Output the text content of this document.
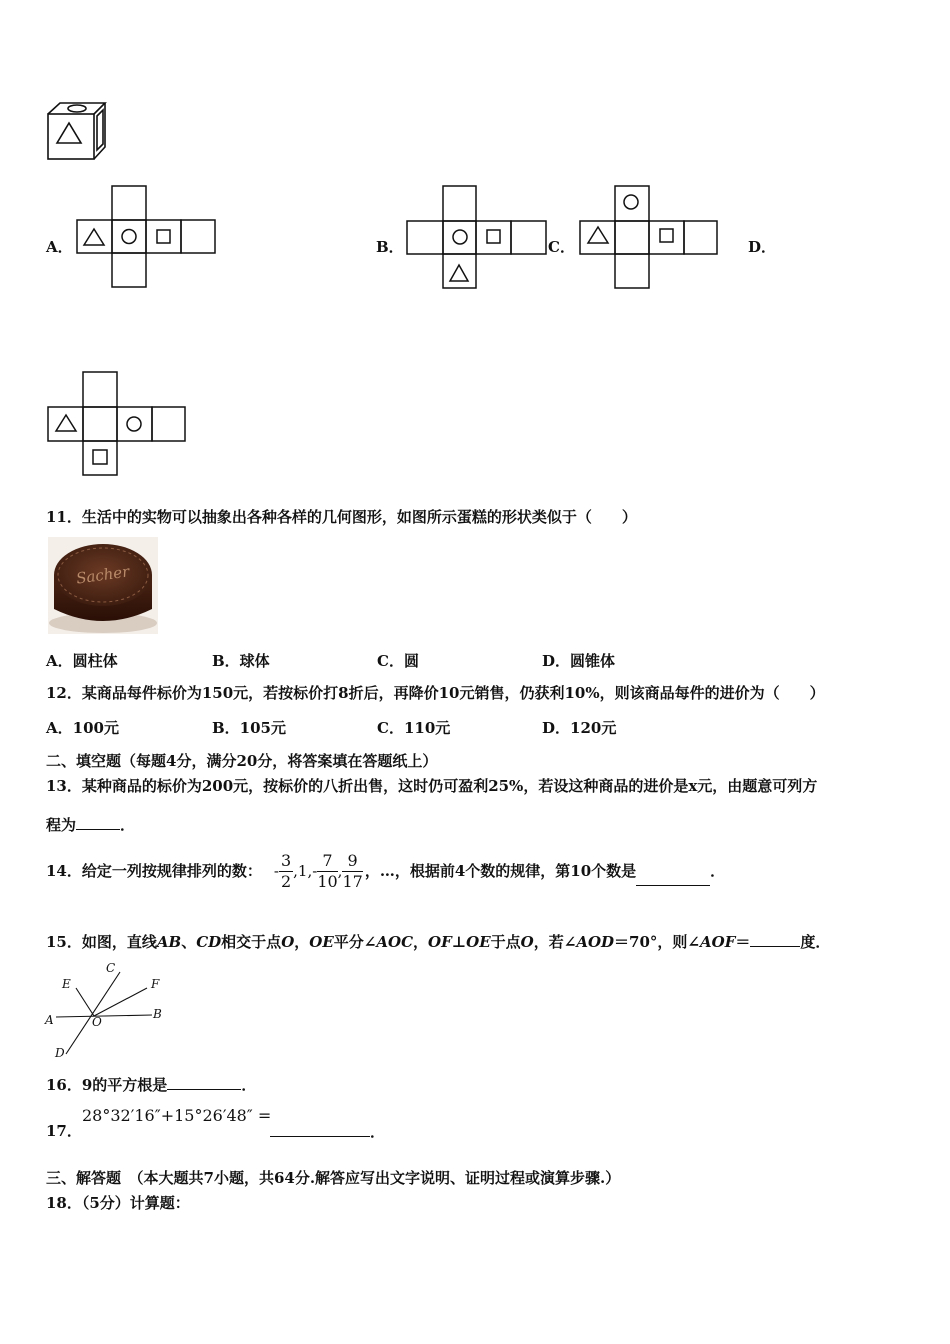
A．	B．	C．	D．
11．生活中的实物可以抽象出各种各样的几何图形，如图所示蛋糕的形状类似于（　　）
Sacher
A．圆柱体	B．球体	C．圆	D．圆锥体
12．某商品每件标价为150元，若按标价打8折后，再降价10元销售，仍获利10%，则该商品每件的进价为（　　）
A．100元	B．105元	C．110元	D．120元
二、填空题（每题4分，满分20分，将答案填在答题纸上）
13．某种商品的标价为200元，按标价的八折出售，这时仍可盈利25%，若设这种商品的进价是x元，由题意可列方
程为	．
14．给定一列按规律排列的数： - $\frac{3}{2} ,1,- \frac{7}{10}$ , $\frac{9}{17}$ ，…，根据前4个数的规律，第10个数是	．
15．如图，直线AB、CD相交于点O，OE平分∠AOC，OF⊥OE于点O，若∠AOD＝70°，则∠AOF＝	度．
C
E	F
A	O
B
D
16．9的平方根是	．
17．
28°32′16″+15°26′48″ =
．
三、解答题　（本大题共7小题，共64分.解答应写出文字说明、证明过程或演算步骤.）
18．（5分）计算题：
